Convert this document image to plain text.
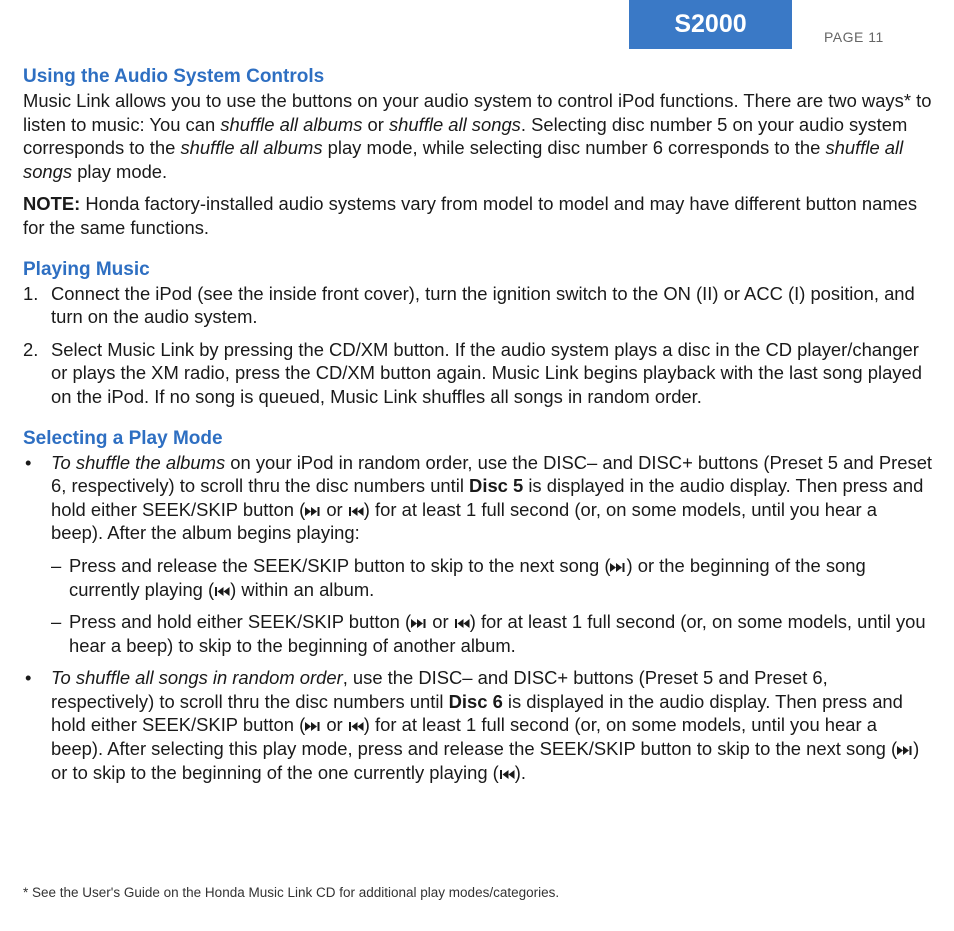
S2000	PAGE 11
Using the Audio System Controls

Music Link allows you to use the buttons on your audio system to control iPod functions. There are two ways* to listen to music: You can shuffle all albums or shuffle all songs. Selecting disc number 5 on your audio system corresponds to the shuffle all albums play mode, while selecting disc number 6 corresponds to the shuffle all songs play mode.

NOTE: Honda factory-installed audio systems vary from model to model and may have different button names for the same functions.

Playing Music
1. Connect the iPod (see the inside front cover), turn the ignition switch to the ON (II) or ACC (I) position, and turn on the audio system.
2. Select Music Link by pressing the CD/XM button. If the audio system plays a disc in the CD player/changer or plays the XM radio, press the CD/XM button again. Music Link begins playback with the last song played on the iPod. If no song is queued, Music Link shuffles all songs in random order.
Selecting a Play Mode
• To shuffle the albums on your iPod in random order, use the DISC– and DISC+ buttons (Preset 5 and Preset 6, respectively) to scroll thru the disc numbers until Disc 5 is displayed in the audio display. Then press and hold either SEEK/SKIP button (
or
) for at least 1 full second (or, on some models, until you hear a beep). After the album begins playing:
– Press and release the SEEK/SKIP button to skip to the next song ( ) or the beginning of the song currently playing ( ) within an album.
– Press and hold either SEEK/SKIP button (
or
) for at least 1 full second (or, on some models, until you hear a beep) to skip to the beginning of another album.
• To shuffle all songs in random order, use the DISC– and DISC+ buttons (Preset 5 and Preset 6, respectively) to scroll thru the disc numbers until Disc 6 is displayed in the audio display. Then press and hold either SEEK/SKIP button (
or
) for at least 1 full second (or, on some models, until you hear a beep). After selecting this play mode, press and release the SEEK/SKIP button to skip to the next song ( ) or to skip to the beginning of the one currently playing ( ).
* See the User's Guide on the Honda Music Link CD for additional play modes/categories.
